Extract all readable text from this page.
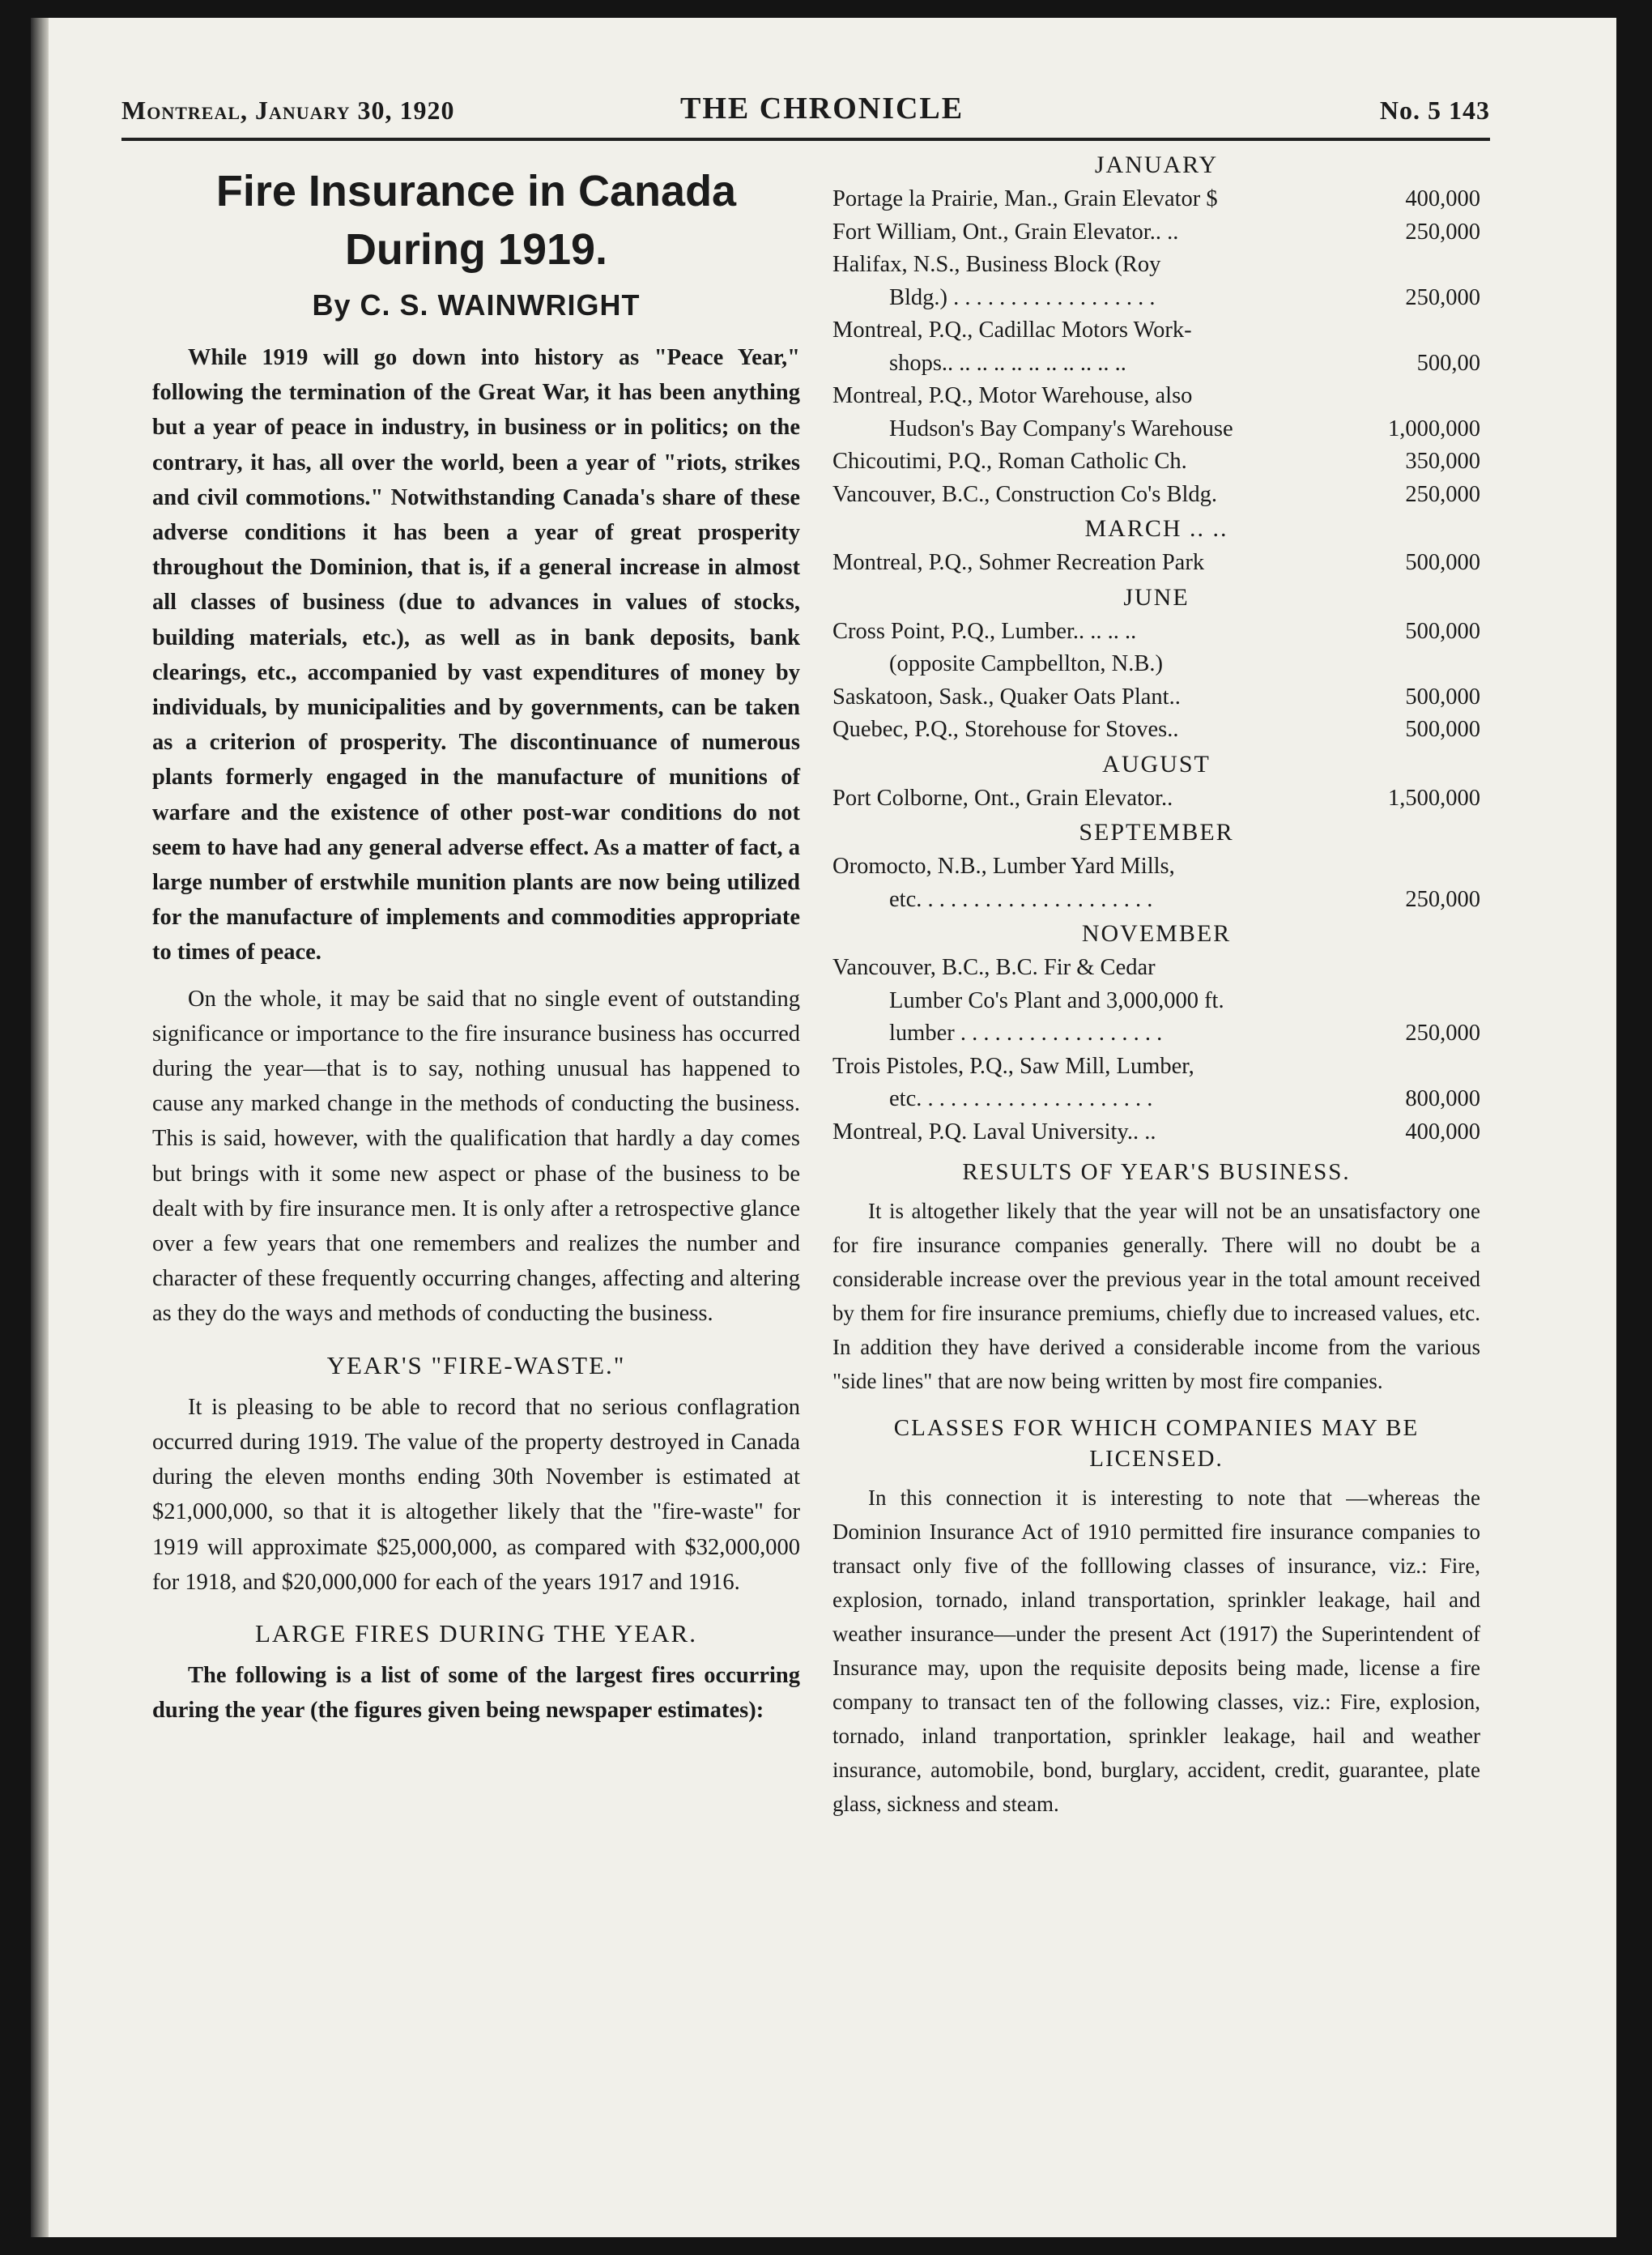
Montreal, January 30, 1920	THE CHRONICLE	No. 5 143
Fire Insurance in Canada
During 1919.
By C. S. WAINWRIGHT

While 1919 will go down into history as "Peace Year," following the termination of the Great War, it has been anything but a year of peace in industry, in business or in politics; on the contrary, it has, all over the world, been a year of "riots, strikes and civil commotions." Notwithstanding Canada's share of these adverse conditions it has been a year of great prosperity throughout the Dominion, that is, if a general increase in almost all classes of business (due to advances in values of stocks, building materials, etc.), as well as in bank deposits, bank clearings, etc., accompanied by vast expenditures of money by individuals, by municipalities and by governments, can be taken as a criterion of prosperity. The discontinuance of numerous plants formerly engaged in the manufacture of munitions of warfare and the existence of other post-war conditions do not seem to have had any general adverse effect. As a matter of fact, a large number of erstwhile munition plants are now being utilized for the manufacture of implements and commodities appropriate to times of peace.

On the whole, it may be said that no single event of outstanding significance or importance to the fire insurance business has occurred during the year—that is to say, nothing unusual has happened to cause any marked change in the methods of conducting the business. This is said, however, with the qualification that hardly a day comes but brings with it some new aspect or phase of the business to be dealt with by fire insurance men. It is only after a retrospective glance over a few years that one remembers and realizes the number and character of these frequently occurring changes, affecting and altering as they do the ways and methods of conducting the business.

YEAR'S "FIRE-WASTE."

It is pleasing to be able to record that no serious conflagration occurred during 1919. The value of the property destroyed in Canada during the eleven months ending 30th November is estimated at $21,000,000, so that it is altogether likely that the "fire-waste" for 1919 will approximate $25,000,000, as compared with $32,000,000 for 1918, and $20,000,000 for each of the years 1917 and 1916.

LARGE FIRES DURING THE YEAR.

The following is a list of some of the largest fires occurring during the year (the figures given being newspaper estimates):

JANUARY
Portage la Prairie, Man., Grain Elevator $	400,000
Fort William, Ont., Grain Elevator.. ..	250,000
Halifax, N.S., Business Block (Roy
Bldg.) . . . . . . . . . . . . . . . . . .	250,000
Montreal, P.Q., Cadillac Motors Work-
shops.. .. .. .. .. .. .. .. .. .. ..	500,00
Montreal, P.Q., Motor Warehouse, also
Hudson's Bay Company's Warehouse	1,000,000
Chicoutimi, P.Q., Roman Catholic Ch.	350,000
Vancouver, B.C., Construction Co's Bldg.	250,000
MARCH .. ..
Montreal, P.Q., Sohmer Recreation Park	500,000
JUNE
Cross Point, P.Q., Lumber.. .. .. ..	500,000
(opposite Campbellton, N.B.)
Saskatoon, Sask., Quaker Oats Plant..	500,000
Quebec, P.Q., Storehouse for Stoves..	500,000
AUGUST
Port Colborne, Ont., Grain Elevator..	1,500,000
SEPTEMBER
Oromocto, N.B., Lumber Yard Mills,
etc. . . . . . . . . . . . . . . . . . . . .	250,000
NOVEMBER
Vancouver, B.C., B.C. Fir & Cedar
Lumber Co's Plant and 3,000,000 ft.
lumber . . . . . . . . . . . . . . . . . .	250,000
Trois Pistoles, P.Q., Saw Mill, Lumber,
etc. . . . . . . . . . . . . . . . . . . . .	800,000
Montreal, P.Q. Laval University.. ..	400,000
RESULTS OF YEAR'S BUSINESS.

It is altogether likely that the year will not be an unsatisfactory one for fire insurance companies generally. There will no doubt be a considerable increase over the previous year in the total amount received by them for fire insurance premiums, chiefly due to increased values, etc. In addition they have derived a considerable income from the various "side lines" that are now being written by most fire companies.

CLASSES FOR WHICH COMPANIES MAY BE LICENSED.

In this connection it is interesting to note that —whereas the Dominion Insurance Act of 1910 permitted fire insurance companies to transact only five of the folllowing classes of insurance, viz.: Fire, explosion, tornado, inland transportation, sprinkler leakage, hail and weather insurance—under the present Act (1917) the Superintendent of Insurance may, upon the requisite deposits being made, license a fire company to transact ten of the following classes, viz.: Fire, explosion, tornado, inland tranportation, sprinkler leakage, hail and weather insurance, automobile, bond, burglary, accident, credit, guarantee, plate glass, sickness and steam.
